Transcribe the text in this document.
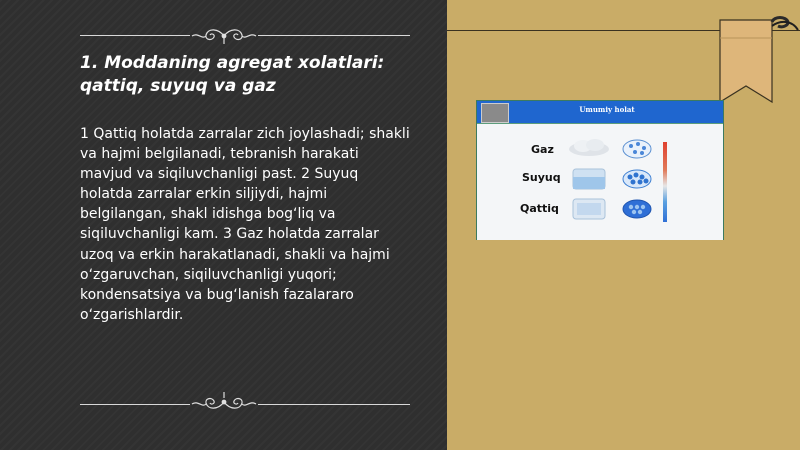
1. Moddaning agregat xolatlari: qattiq, suyuq va gaz

1 Qattiq holatda zarralar zich joylashadi; shakli va hajmi belgilanadi, tebranish harakati mavjud va siqiluvchanligi past. 2 Suyuq holatda zarralar erkin siljiydi, hajmi belgilangan, shakl idishga bog‘liq va siqiluvchanligi kam. 3 Gaz holatda zarralar uzoq va erkin harakatlanadi, shakli va hajmi o‘zgaruvchan, siqiluvchanligi yuqori; kondensatsiya va bug‘lanish fazalararo o‘zgarishlardir.

Umumiy holat
Gaz
Suyuq
Qattiq
